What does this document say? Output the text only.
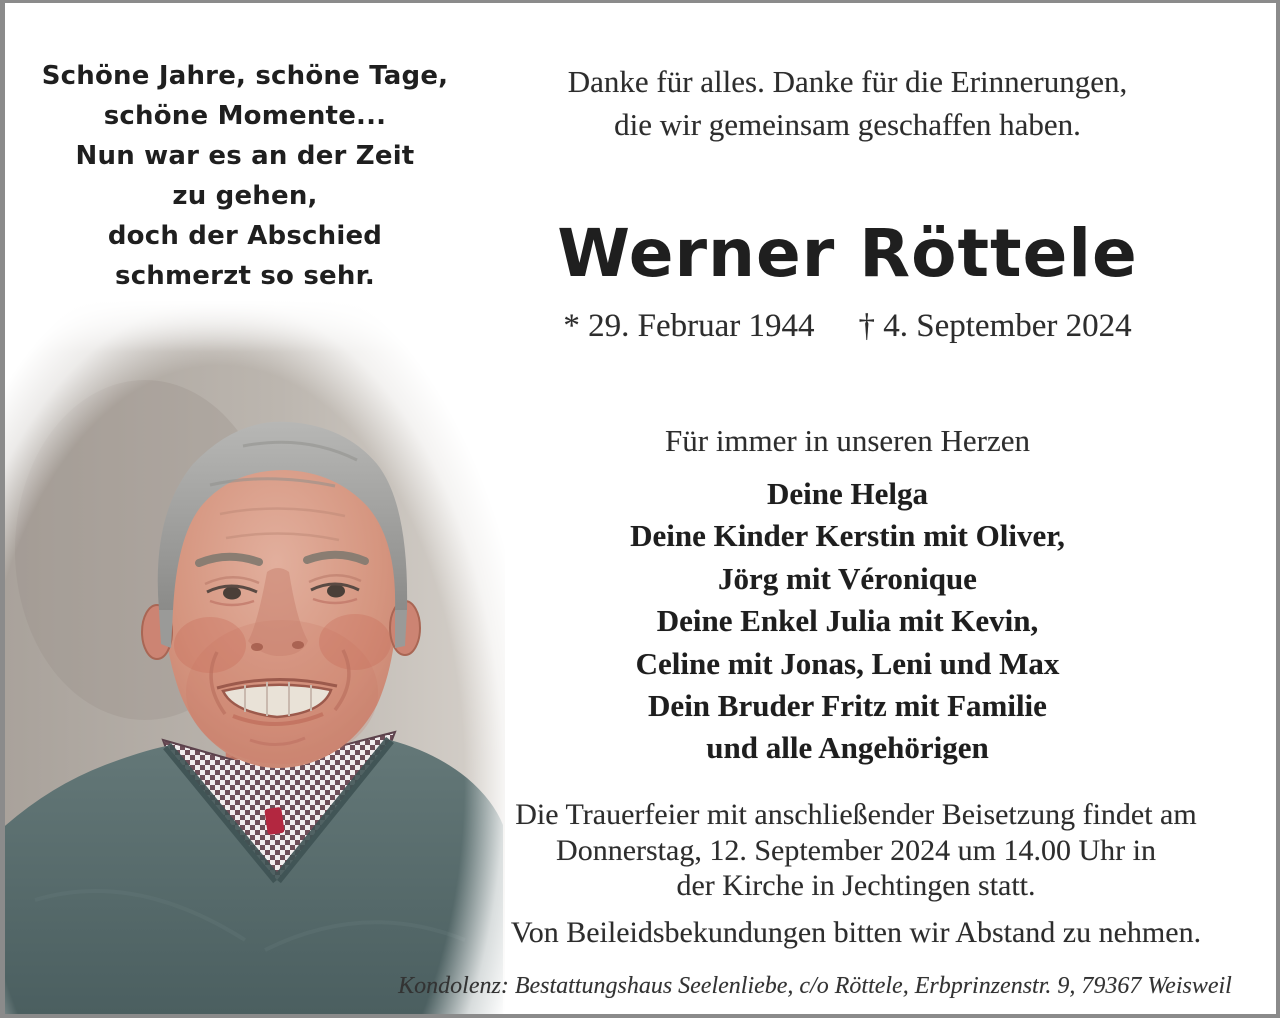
Schöne Jahre, schöne Tage,
schöne Momente...
Nun war es an der Zeit
zu gehen,
doch der Abschied
schmerzt so sehr.
Danke für alles. Danke für die Erinnerungen,
die wir gemeinsam geschaffen haben.
Werner Röttele
* 29. Februar 1944 † 4. September 2024
Für immer in unseren Herzen
Deine Helga
Deine Kinder Kerstin mit Oliver,
Jörg mit Véronique
Deine Enkel Julia mit Kevin,
Celine mit Jonas, Leni und Max
Dein Bruder Fritz mit Familie
und alle Angehörigen
Die Trauerfeier mit anschließender Beisetzung findet am
Donnerstag, 12. September 2024 um 14.00 Uhr in
der Kirche in Jechtingen statt.
Von Beileidsbekundungen bitten wir Abstand zu nehmen.
Kondolenz: Bestattungshaus Seelenliebe, c/o Röttele, Erbprinzenstr. 9, 79367 Weisweil
